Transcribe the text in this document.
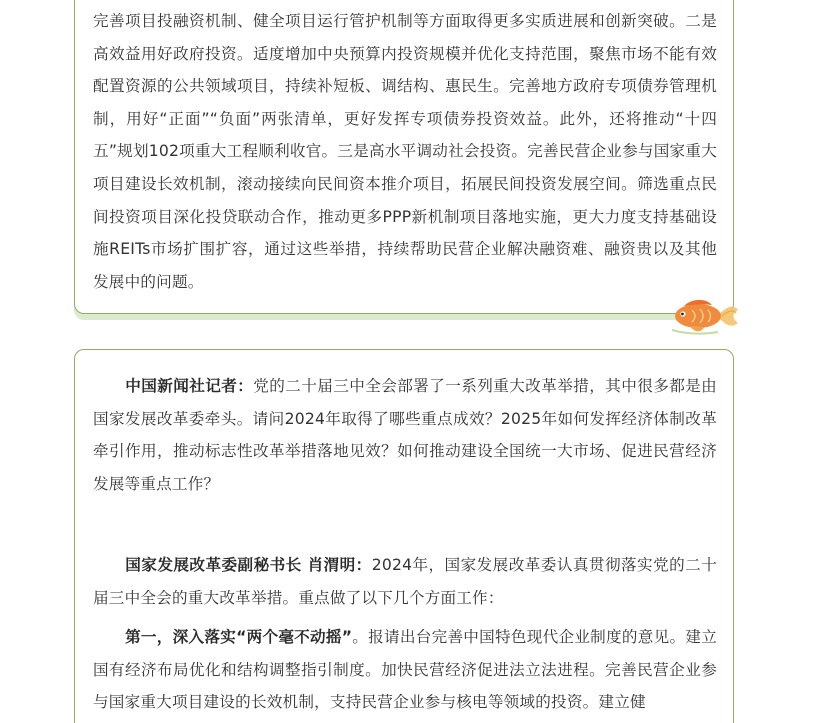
完善项目投融资机制、健全项目运行管护机制等方面取得更多实质进展和创新突破。二是高效益用好政府投资。适度增加中央预算内投资规模并优化支持范围，聚焦市场不能有效配置资源的公共领域项目，持续补短板、调结构、惠民生。完善地方政府专项债券管理机制，用好“正面”“负面”两张清单，更好发挥专项债券投资效益。此外，还将推动“十四五”规划102项重大工程顺利收官。三是高水平调动社会投资。完善民营企业参与国家重大项目建设长效机制，滚动接续向民间资本推介项目，拓展民间投资发展空间。筛选重点民间投资项目深化投贷联动合作，推动更多PPP新机制项目落地实施，更大力度支持基础设施REITs市场扩围扩容，通过这些举措，持续帮助民营企业解决融资难、融资贵以及其他发展中的问题。

中国新闻社记者：党的二十届三中全会部署了一系列重大改革举措，其中很多都是由国家发展改革委牵头。请问2024年取得了哪些重点成效？2025年如何发挥经济体制改革牵引作用，推动标志性改革举措落地见效？如何推动建设全国统一大市场、促进民营经济发展等重点工作？

国家发展改革委副秘书长 肖渭明：2024年，国家发展改革委认真贯彻落实党的二十届三中全会的重大改革举措。重点做了以下几个方面工作：

第一，深入落实“两个毫不动摇”。报请出台完善中国特色现代企业制度的意见。建立国有经济布局优化和结构调整指引制度。加快民营经济促进法立法进程。完善民营企业参与国家重大项目建设的长效机制，支持民营企业参与核电等领域的投资。建立健
